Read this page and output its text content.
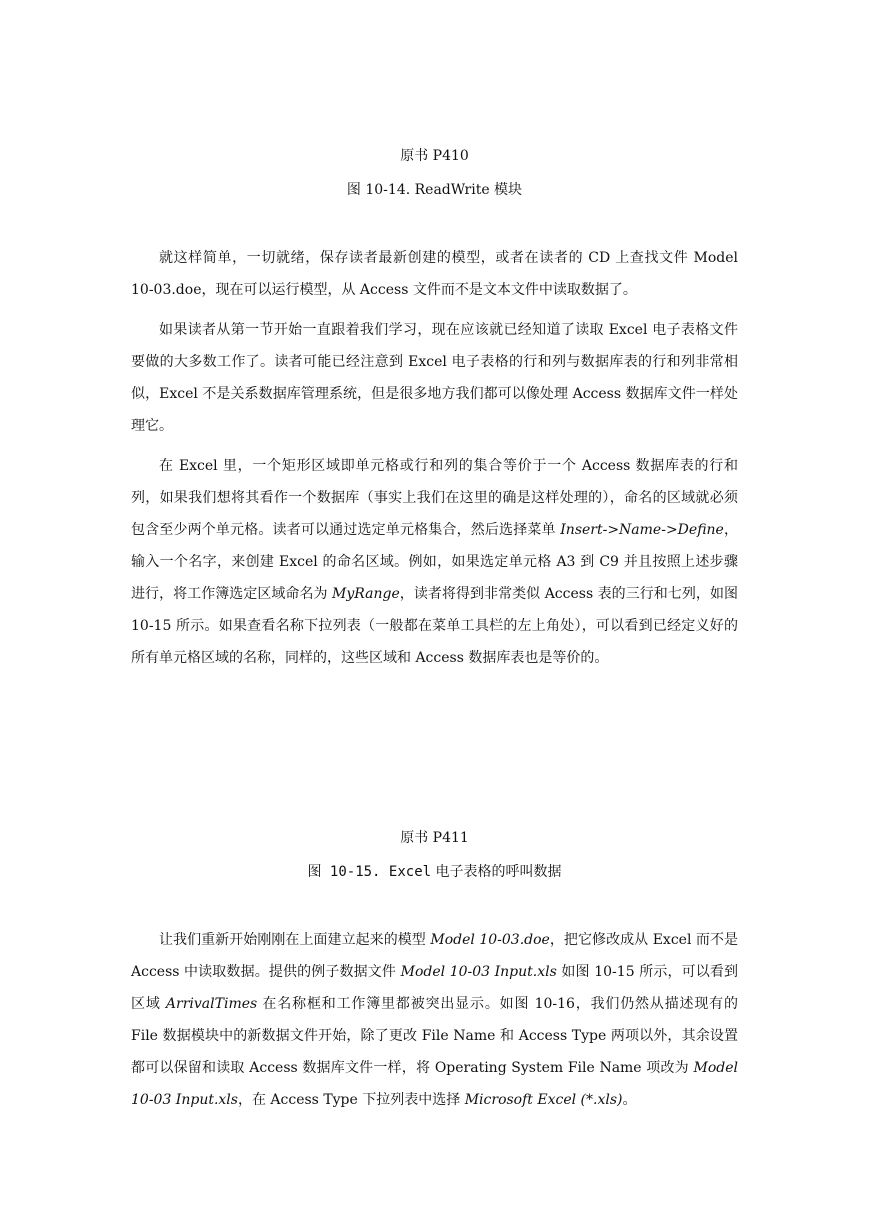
原书 P410
图 10-14. ReadWrite 模块

就这样简单，一切就绪，保存读者最新创建的模型，或者在读者的 CD 上查找文件 Model 10-03.doe，现在可以运行模型，从 Access 文件而不是文本文件中读取数据了。

如果读者从第一节开始一直跟着我们学习，现在应该就已经知道了读取 Excel 电子表格文件要做的大多数工作了。读者可能已经注意到 Excel 电子表格的行和列与数据库表的行和列非常相似，Excel 不是关系数据库管理系统，但是很多地方我们都可以像处理 Access 数据库文件一样处理它。

在 Excel 里，一个矩形区域即单元格或行和列的集合等价于一个 Access 数据库表的行和列，如果我们想将其看作一个数据库（事实上我们在这里的确是这样处理的），命名的区域就必须包含至少两个单元格。读者可以通过选定单元格集合，然后选择菜单 Insert->Name->Define，输入一个名字，来创建 Excel 的命名区域。例如，如果选定单元格 A3 到 C9 并且按照上述步骤进行，将工作簿选定区域命名为 MyRange，读者将得到非常类似 Access 表的三行和七列，如图 10-15 所示。如果查看名称下拉列表（一般都在菜单工具栏的左上角处），可以看到已经定义好的所有单元格区域的名称，同样的，这些区域和 Access 数据库表也是等价的。

原书 P411
图 10-15. Excel 电子表格的呼叫数据

让我们重新开始刚刚在上面建立起来的模型 Model 10-03.doe，把它修改成从 Excel 而不是 Access 中读取数据。提供的例子数据文件 Model 10-03 Input.xls 如图 10-15 所示，可以看到区域 ArrivalTimes 在名称框和工作簿里都被突出显示。如图 10-16，我们仍然从描述现有的 File 数据模块中的新数据文件开始，除了更改 File Name 和 Access Type 两项以外，其余设置都可以保留和读取 Access 数据库文件一样，将 Operating System File Name 项改为 Model 10-03 Input.xls，在 Access Type 下拉列表中选择 Microsoft Excel (*.xls)。
